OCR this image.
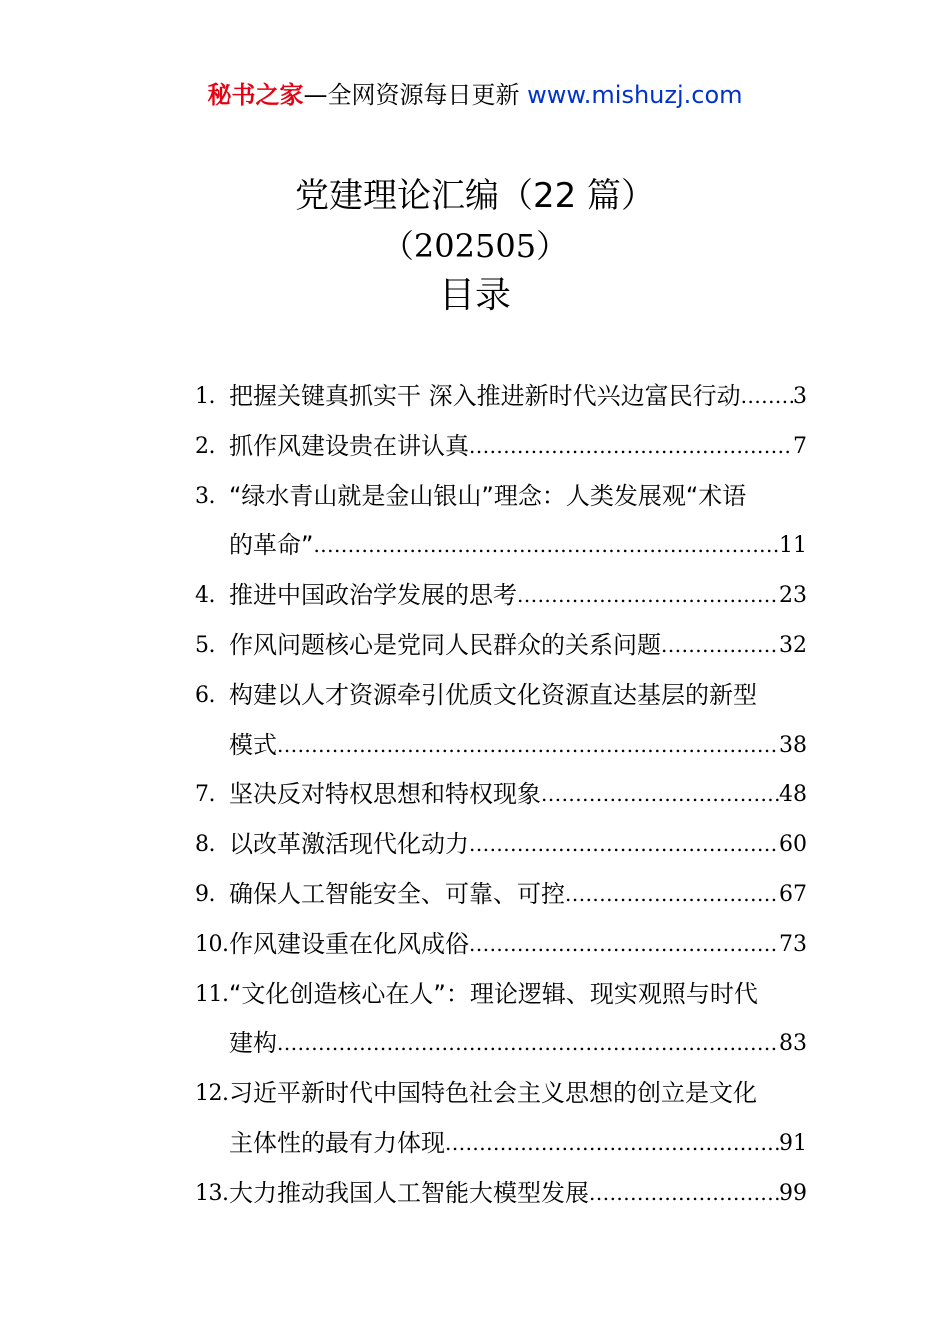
秘书之家—全网资源每日更新 www.mishuzj.com
党建理论汇编（22 篇）
（202505）
目录
1. 把握关键真抓实干 深入推进新时代兴边富民行动 ..... 3
2. 抓作风建设贵在讲认真 .....	7
3. “绿水青山就是金山银山”理念：人类发展观“术语
的革命” .....	11
4. 推进中国政治学发展的思考 .....	23
5. 作风问题核心是党同人民群众的关系问题 .....	32
6. 构建以人才资源牵引优质文化资源直达基层的新型
模式 .....	38
7. 坚决反对特权思想和特权现象 .....	48
8. 以改革激活现代化动力 .....	60
9. 确保人工智能安全、可靠、可控 .....	67
10. 作风建设重在化风成俗 .....	73
11. “文化创造核心在人”：理论逻辑、现实观照与时代
建构 .....	83
12. 习近平新时代中国特色社会主义思想的创立是文化
主体性的最有力体现 .....	91
13. 大力推动我国人工智能大模型发展 .....	99
